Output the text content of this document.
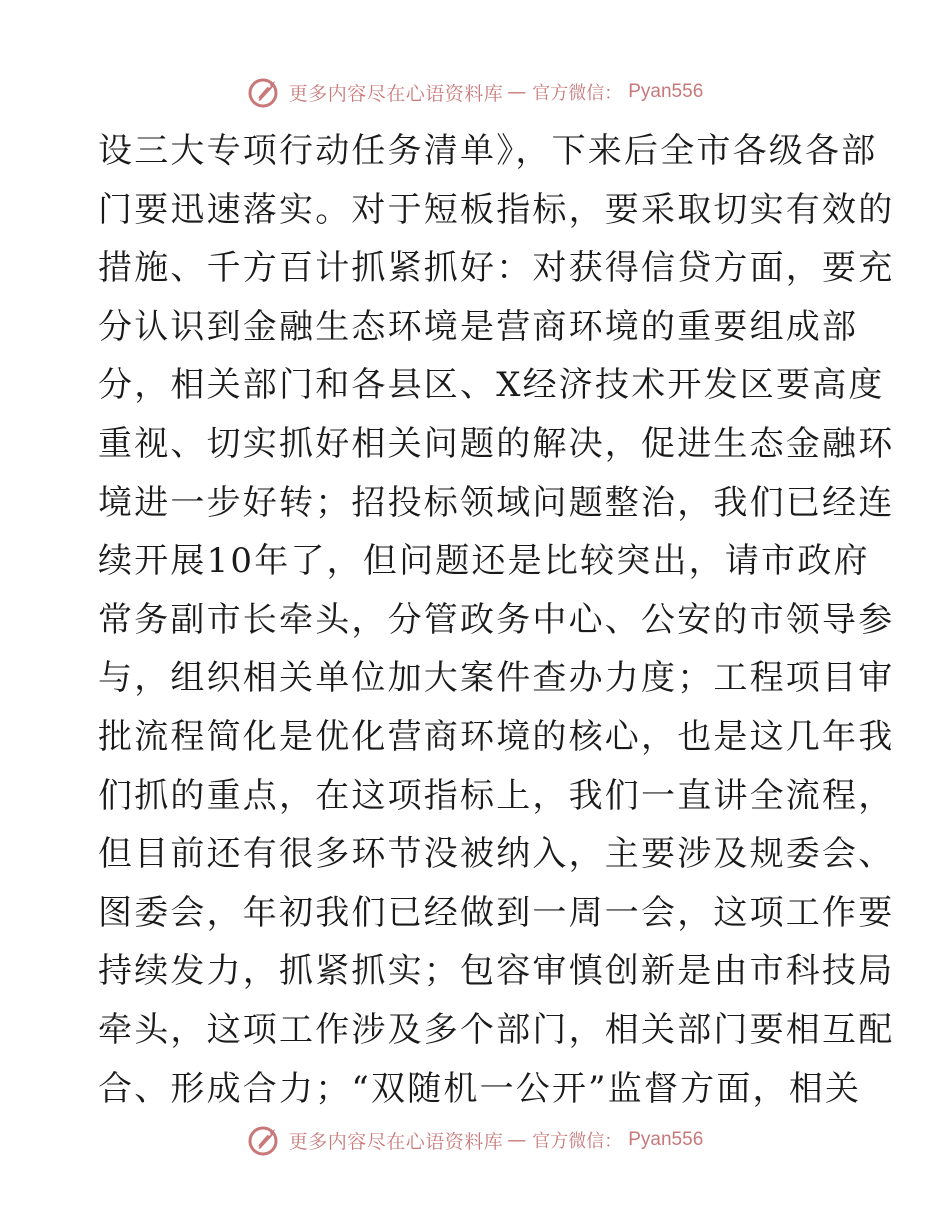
更多内容尽在心语资料库 — 官方微信： Pyan556
设三大专项行动任务清单》，下来后全市各级各部
门要迅速落实。对于短板指标，要采取切实有效的
措施、千方百计抓紧抓好：对获得信贷方面，要充
分认识到金融生态环境是营商环境的重要组成部
分，相关部门和各县区、X经济技术开发区要高度
重视、切实抓好相关问题的解决，促进生态金融环
境进一步好转；招投标领域问题整治，我们已经连
续开展10年了，但问题还是比较突出，请市政府
常务副市长牵头，分管政务中心、公安的市领导参
与，组织相关单位加大案件查办力度；工程项目审
批流程简化是优化营商环境的核心，也是这几年我
们抓的重点，在这项指标上，我们一直讲全流程，
但目前还有很多环节没被纳入，主要涉及规委会、
图委会，年初我们已经做到一周一会，这项工作要
持续发力，抓紧抓实；包容审慎创新是由市科技局
牵头，这项工作涉及多个部门，相关部门要相互配
合、形成合力；“双随机一公开”监督方面，相关
更多内容尽在心语资料库 — 官方微信： Pyan556
